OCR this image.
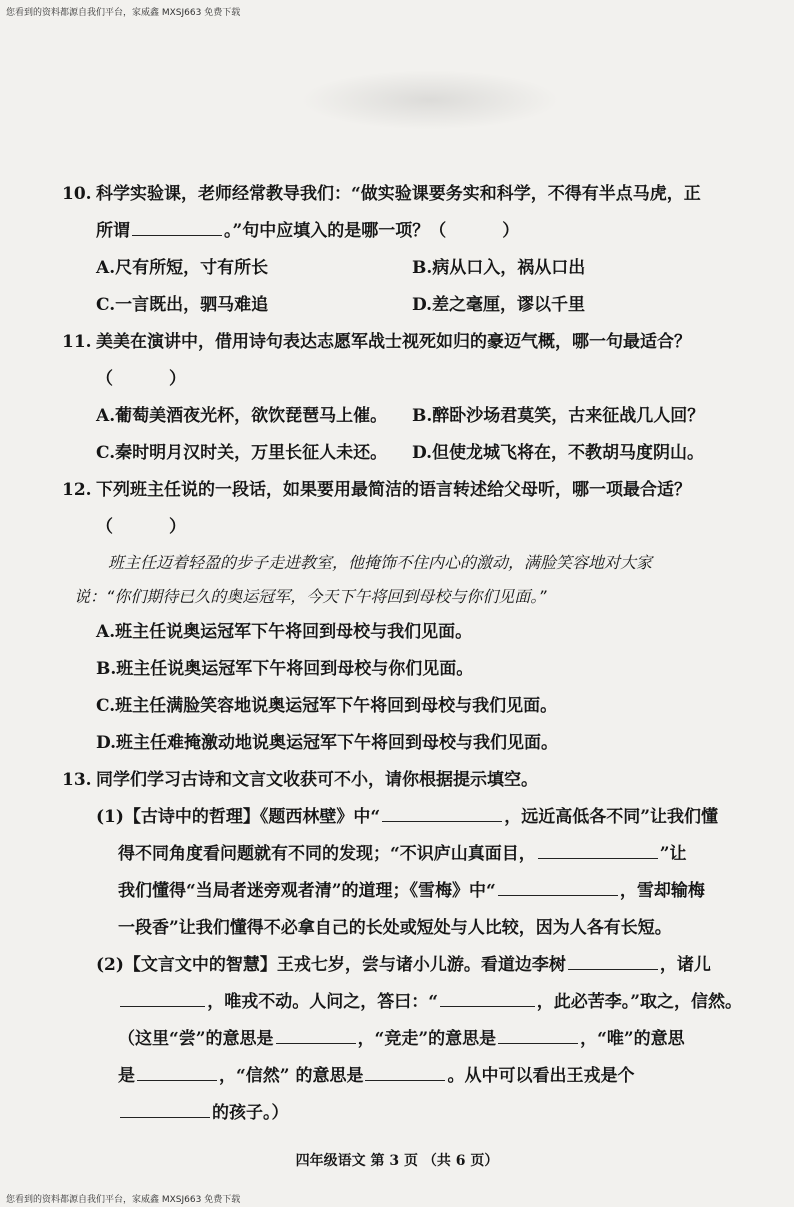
您看到的资料都源自我们平台，家威鑫 MXSJ663 免费下载
10. 科学实验课，老师经常教导我们：“做实验课要务实和科学，不得有半点马虎，正
所谓	。”句中应填入的是哪一项？（	）
A.尺有所短，寸有所长	B.病从口入，祸从口出
C.一言既出，驷马难追	D.差之毫厘，谬以千里
11. 美美在演讲中，借用诗句表达志愿军战士视死如归的豪迈气概，哪一句最适合？
（	）
A.葡萄美酒夜光杯，欲饮琵琶马上催。	B.醉卧沙场君莫笑，古来征战几人回？
C.秦时明月汉时关，万里长征人未还。	D.但使龙城飞将在，不教胡马度阴山。
12. 下列班主任说的一段话，如果要用最简洁的语言转述给父母听，哪一项最合适？
（	）
班主任迈着轻盈的步子走进教室，他掩饰不住内心的激动，满脸笑容地对大家
说：“你们期待已久的奥运冠军，今天下午将回到母校与你们见面。”
A.班主任说奥运冠军下午将回到母校与我们见面。
B.班主任说奥运冠军下午将回到母校与你们见面。
C.班主任满脸笑容地说奥运冠军下午将回到母校与我们见面。
D.班主任难掩激动地说奥运冠军下午将回到母校与我们见面。
13. 同学们学习古诗和文言文收获可不小，请你根据提示填空。
(1)【古诗中的哲理】《题西林壁》中“	，远近高低各不同”让我们懂
得不同角度看问题就有不同的发现；“不识庐山真面目，	”让
我们懂得“当局者迷旁观者清”的道理；《雪梅》中“	，雪却输梅
一段香”让我们懂得不必拿自己的长处或短处与人比较，因为人各有长短。
(2)【文言文中的智慧】王戎七岁，尝与诸小儿游。看道边李树	，诸儿
，唯戎不动。人问之，答曰：“	，此必苦李。”取之，信然。
（这里“尝”的意思是	，“竞走”的意思是	，“唯”的意思
是	，“信然” 的意思是	。从中可以看出王戎是个
的孩子。）
四年级语文 第 3 页 （共 6 页）
您看到的资料都源自我们平台，家威鑫 MXSJ663 免费下载
